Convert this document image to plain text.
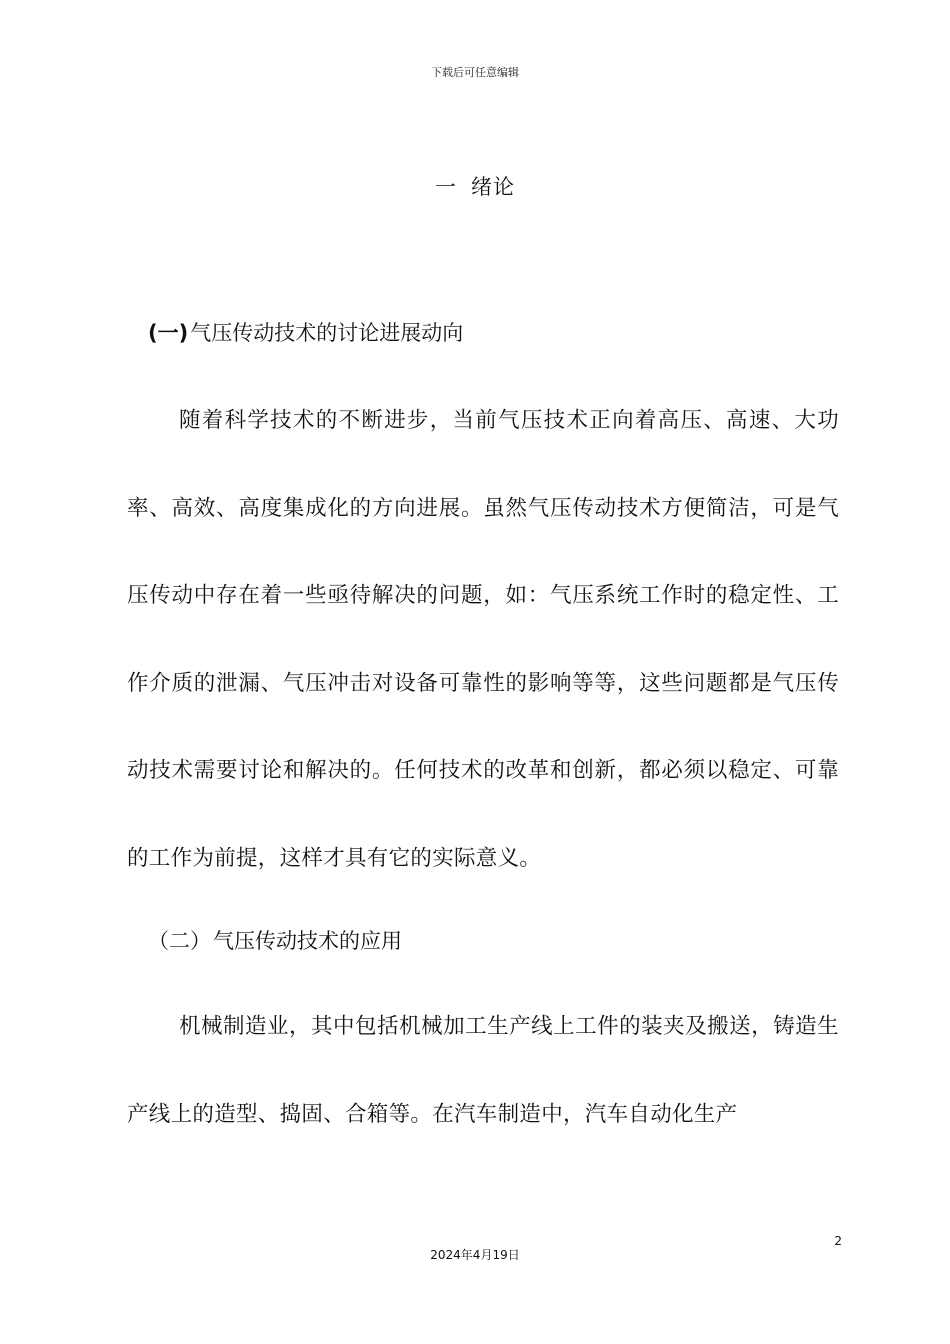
下载后可任意编辑
一 绪论
(一)气压传动技术的讨论进展动向

随着科学技术的不断进步，当前气压技术正向着高压、高速、大功率、高效、高度集成化的方向进展。虽然气压传动技术方便简洁，可是气压传动中存在着一些亟待解决的问题，如：气压系统工作时的稳定性、工作介质的泄漏、气压冲击对设备可靠性的影响等等，这些问题都是气压传动技术需要讨论和解决的。任何技术的改革和创新，都必须以稳定、可靠的工作为前提，这样才具有它的实际意义。

（二）气压传动技术的应用

机械制造业，其中包括机械加工生产线上工件的装夹及搬送，铸造生产线上的造型、捣固、合箱等。在汽车制造中，汽车自动化生产

2
2024年4月19日
